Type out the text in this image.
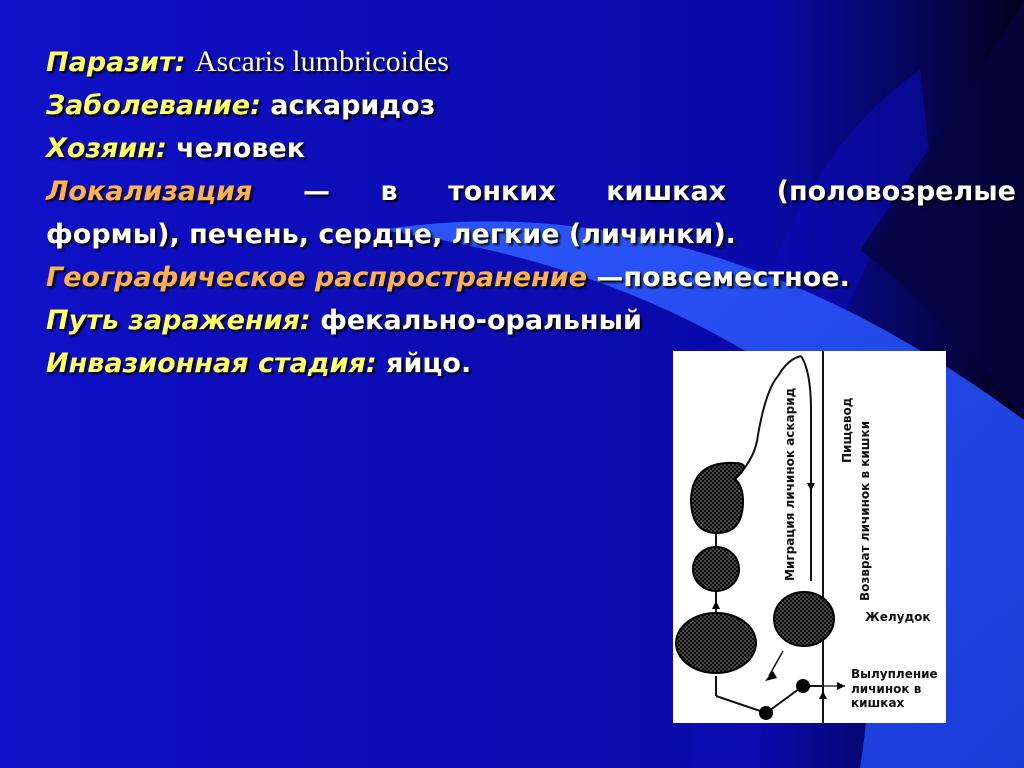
Паразит: Ascaris lumbricoides
Заболевание: аскаридоз
Хозяин: человек
Локализация — в тонких кишках (половозрелые
формы), печень, сердце, легкие (личинки).
Географическое распространение —повсеместное.
Путь заражения: фекально-оральный
Инвазионная стадия: яйцо.
Миграция личинок аскарид	Пищевод Возврат личинок в кишки
Желудок
Вылупление
личинок в
кишках
